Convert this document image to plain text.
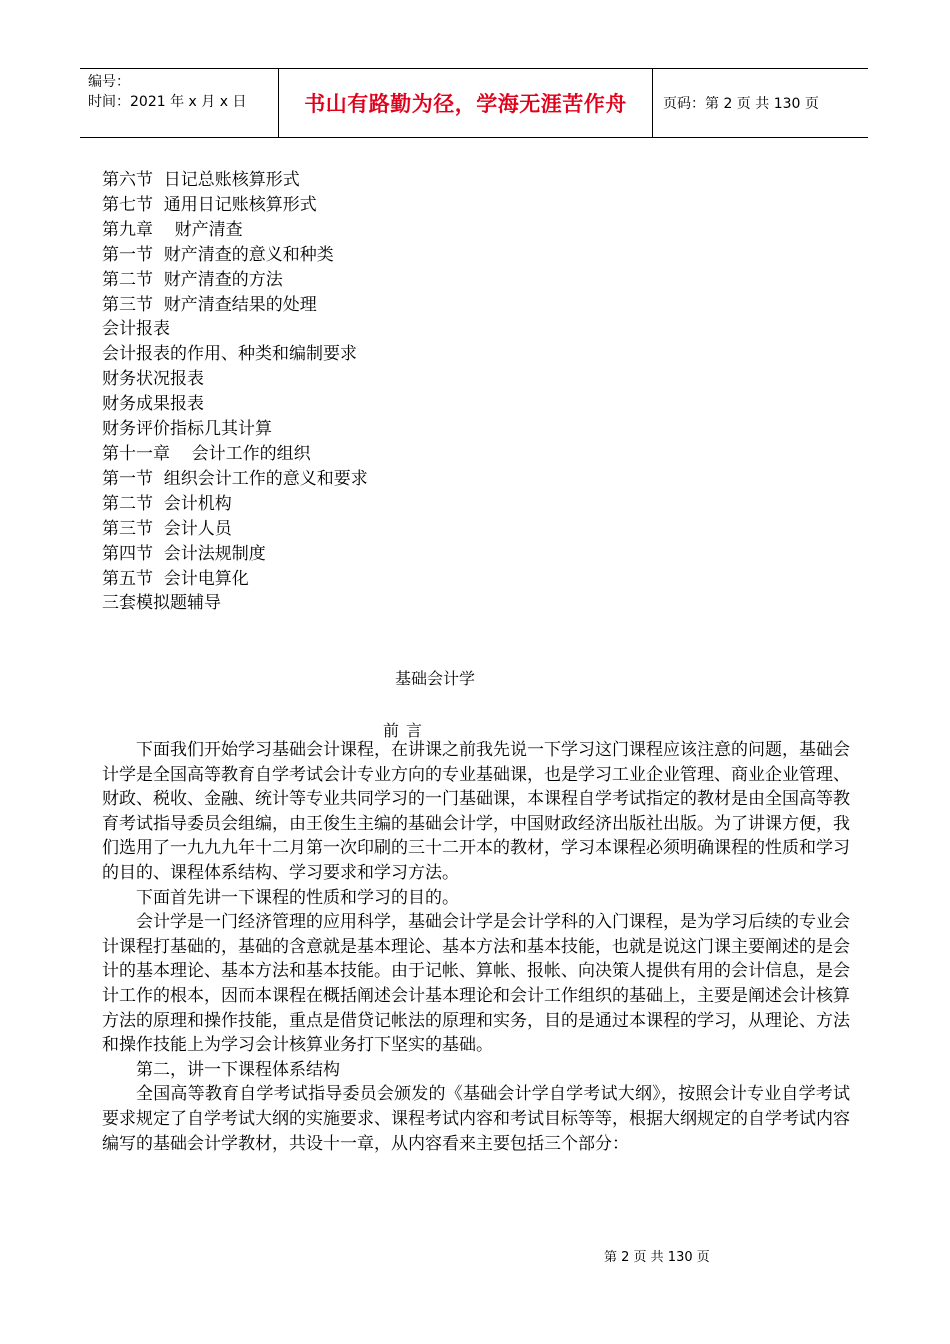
编号：
时间：2021 年 x 月 x 日	书山有路勤为径，学海无涯苦作舟	页码：第 2 页 共 130 页
第六节  日记总账核算形式
第七节  通用日记账核算形式
第九章    财产清查
第一节  财产清查的意义和种类
第二节  财产清查的方法
第三节  财产清查结果的处理
会计报表
会计报表的作用、种类和编制要求
财务状况报表
财务成果报表
财务评价指标几其计算
第十一章    会计工作的组织
第一节  组织会计工作的意义和要求
第二节  会计机构
第三节  会计人员
第四节  会计法规制度
第五节  会计电算化
三套模拟题辅导
基础会计学
前 言

下面我们开始学习基础会计课程，在讲课之前我先说一下学习这门课程应该注意的问题，基础会计学是全国高等教育自学考试会计专业方向的专业基础课，也是学习工业企业管理、商业企业管理、财政、税收、金融、统计等专业共同学习的一门基础课，本课程自学考试指定的教材是由全国高等教育考试指导委员会组编，由王俊生主编的基础会计学，中国财政经济出版社出版。为了讲课方便，我们选用了一九九九年十二月第一次印刷的三十二开本的教材，学习本课程必须明确课程的性质和学习的目的、课程体系结构、学习要求和学习方法。

下面首先讲一下课程的性质和学习的目的。

会计学是一门经济管理的应用科学，基础会计学是会计学科的入门课程，是为学习后续的专业会计课程打基础的，基础的含意就是基本理论、基本方法和基本技能，也就是说这门课主要阐述的是会计的基本理论、基本方法和基本技能。由于记帐、算帐、报帐、向决策人提供有用的会计信息，是会计工作的根本，因而本课程在概括阐述会计基本理论和会计工作组织的基础上，主要是阐述会计核算方法的原理和操作技能，重点是借贷记帐法的原理和实务，目的是通过本课程的学习，从理论、方法和操作技能上为学习会计核算业务打下坚实的基础。

第二，讲一下课程体系结构

全国高等教育自学考试指导委员会颁发的《基础会计学自学考试大纲》，按照会计专业自学考试要求规定了自学考试大纲的实施要求、课程考试内容和考试目标等等，根据大纲规定的自学考试内容编写的基础会计学教材，共设十一章，从内容看来主要包括三个部分：

第 2 页 共 130 页
